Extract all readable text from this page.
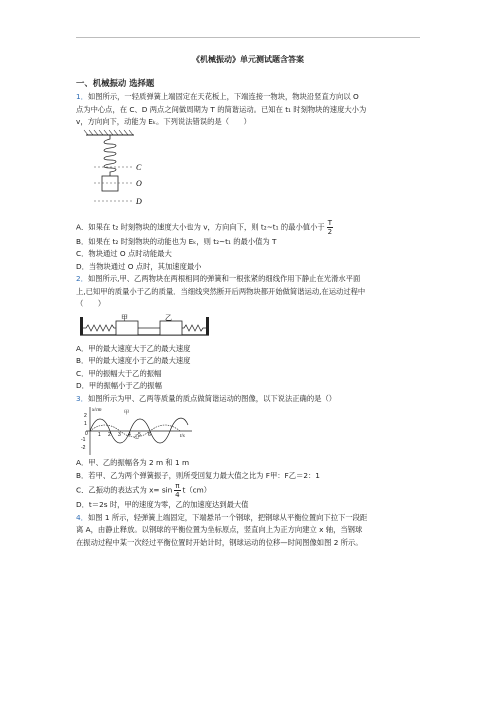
《机械振动》单元测试题含答案
一、机械振动 选择题

1．如图所示，一轻质弹簧上端固定在天花板上，下端连接一物块，物块沿竖直方向以 O

点为中心点，在 C、D 两点之间做周期为 T 的简谐运动。已知在 t₁ 时刻物块的速度大小为

v，方向向下，动能为 Eₖ。下列说法错误的是（　　）

C
O
D

A．如果在 t₂ 时刻物块的速度大小也为 v，方向向下，则 t₂~t₁ 的最小值小于 $\frac{T}{2}$

B．如果在 t₂ 时刻物块的动能也为 Eₖ，则 t₂~t₁ 的最小值为 T

C．物块通过 O 点时动能最大

D．当物块通过 O 点时，其加速度最小

2．如图所示,甲、乙两物块在两根相同的弹簧和一根张紧的细线作用下静止在光滑水平面

上,已知甲的质量小于乙的质量．当细线突然断开后两物块都开始做简谐运动,在运动过程中

（　　）

甲	乙

A．甲的最大速度大于乙的最大速度

B．甲的最大速度小于乙的最大速度

C．甲的振幅大于乙的振幅

D．甲的振幅小于乙的振幅

3．如图所示为甲、乙两等质量的质点做简谐运动的图像，以下说法正确的是（）

x/cm
2
1
0
-1
-2
甲
乙
1 2 3 4 5 6	t/s

A．甲、乙的振幅各为 2 m 和 1 m

B．若甲、乙为两个弹簧振子，则所受回复力最大值之比为 F甲：F乙＝2：1

C．乙振动的表达式为 $x= \sin \frac{\pi}{4} t(cm)$

D．t＝2s 时，甲的速度为零，乙的加速度达到最大值

4．如图 1 所示，轻弹簧上端固定，下端悬吊一个钢球，把钢球从平衡位置向下拉下一段距

离 A，由静止释放。以钢球的平衡位置为坐标原点，竖直向上为正方向建立 x 轴，当钢球

在振动过程中某一次经过平衡位置时开始计时，钢球运动的位移—时间图像如图 2 所示。
